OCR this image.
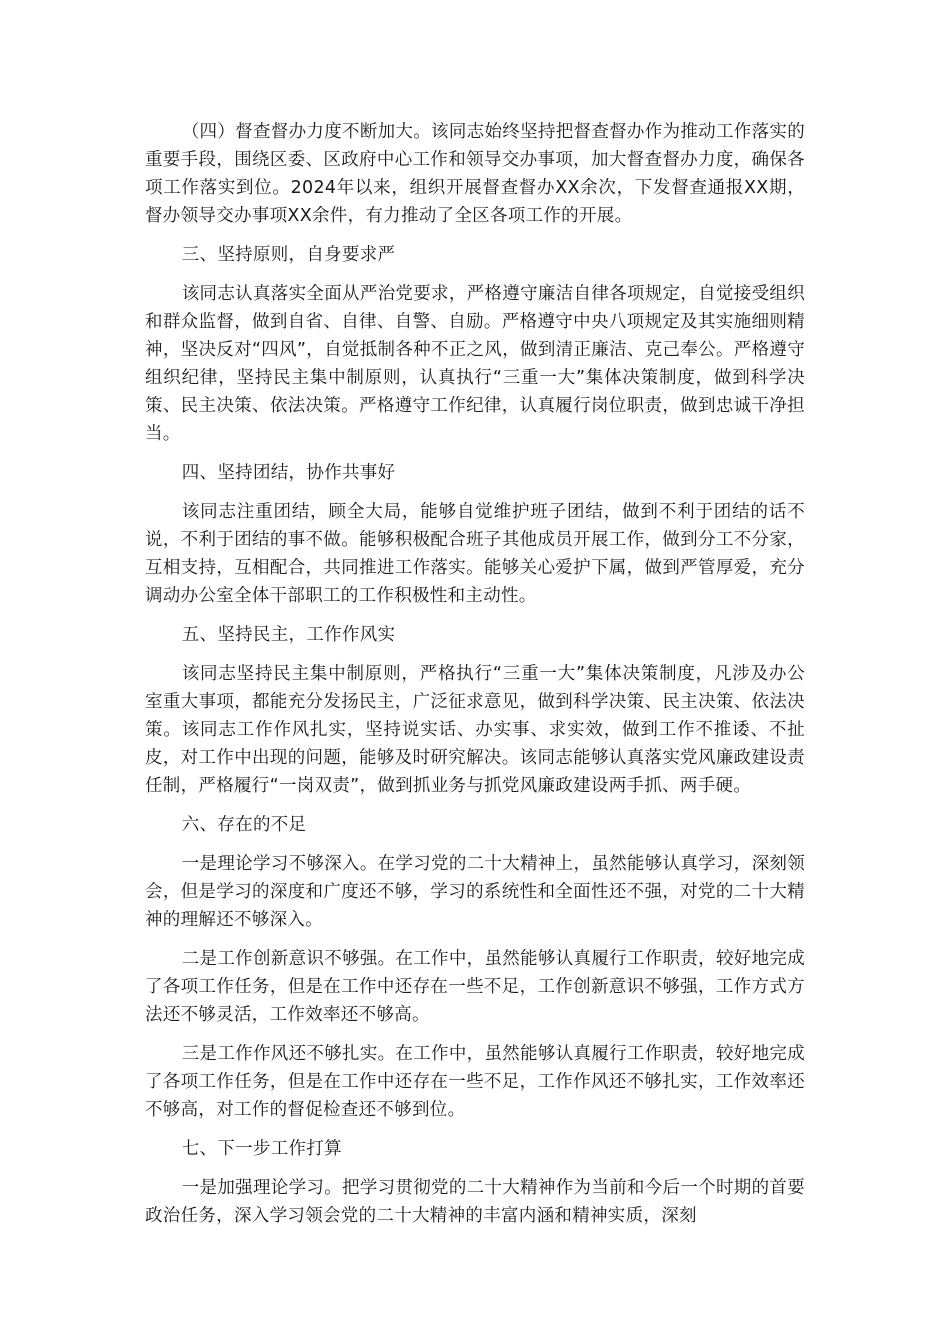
（四）督查督办力度不断加大。该同志始终坚持把督查督办作为推动工作落实的重要手段，围绕区委、区政府中心工作和领导交办事项，加大督查督办力度，确保各项工作落实到位。2024年以来，组织开展督查督办XX余次，下发督查通报XX期，督办领导交办事项XX余件，有力推动了全区各项工作的开展。

三、坚持原则，自身要求严

该同志认真落实全面从严治党要求，严格遵守廉洁自律各项规定，自觉接受组织和群众监督，做到自省、自律、自警、自励。严格遵守中央八项规定及其实施细则精神，坚决反对“四风”，自觉抵制各种不正之风，做到清正廉洁、克己奉公。严格遵守组织纪律，坚持民主集中制原则，认真执行“三重一大”集体决策制度，做到科学决策、民主决策、依法决策。严格遵守工作纪律，认真履行岗位职责，做到忠诚干净担当。

四、坚持团结，协作共事好

该同志注重团结，顾全大局，能够自觉维护班子团结，做到不利于团结的话不说，不利于团结的事不做。能够积极配合班子其他成员开展工作，做到分工不分家，互相支持，互相配合，共同推进工作落实。能够关心爱护下属，做到严管厚爱，充分调动办公室全体干部职工的工作积极性和主动性。

五、坚持民主，工作作风实

该同志坚持民主集中制原则，严格执行“三重一大”集体决策制度，凡涉及办公室重大事项，都能充分发扬民主，广泛征求意见，做到科学决策、民主决策、依法决策。该同志工作作风扎实，坚持说实话、办实事、求实效，做到工作不推诿、不扯皮，对工作中出现的问题，能够及时研究解决。该同志能够认真落实党风廉政建设责任制，严格履行“一岗双责”，做到抓业务与抓党风廉政建设两手抓、两手硬。

六、存在的不足

一是理论学习不够深入。在学习党的二十大精神上，虽然能够认真学习，深刻领会，但是学习的深度和广度还不够，学习的系统性和全面性还不强，对党的二十大精神的理解还不够深入。

二是工作创新意识不够强。在工作中，虽然能够认真履行工作职责，较好地完成了各项工作任务，但是在工作中还存在一些不足，工作创新意识不够强，工作方式方法还不够灵活，工作效率还不够高。

三是工作作风还不够扎实。在工作中，虽然能够认真履行工作职责，较好地完成了各项工作任务，但是在工作中还存在一些不足，工作作风还不够扎实，工作效率还不够高，对工作的督促检查还不够到位。

七、下一步工作打算

一是加强理论学习。把学习贯彻党的二十大精神作为当前和今后一个时期的首要政治任务，深入学习领会党的二十大精神的丰富内涵和精神实质，深刻
